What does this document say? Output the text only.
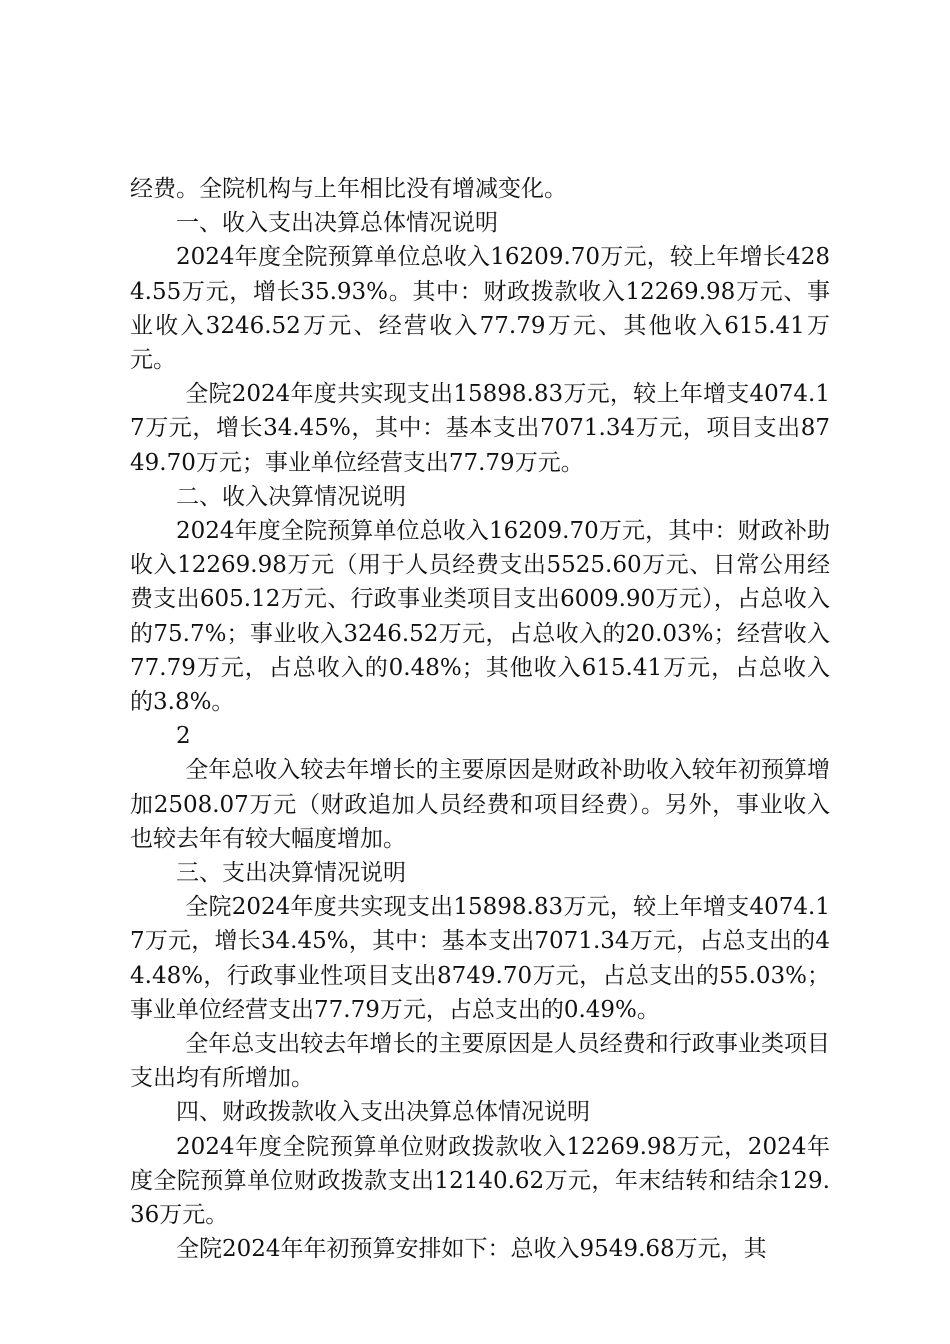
经费。全院机构与上年相比没有增减变化。

一、收入支出决算总体情况说明

2024年度全院预算单位总收入16209.70万元，较上年增长4284.55万元，增长35.93%。其中：财政拨款收入12269.98万元、事业收入3246.52万元、经营收入77.79万元、其他收入615.41万元。

全院2024年度共实现支出15898.83万元，较上年增支4074.17万元，增长34.45%，其中：基本支出7071.34万元，项目支出8749.70万元；事业单位经营支出77.79万元。

二、收入决算情况说明

2024年度全院预算单位总收入16209.70万元，其中：财政补助收入12269.98万元（用于人员经费支出5525.60万元、日常公用经费支出605.12万元、行政事业类项目支出6009.90万元），占总收入的75.7%；事业收入3246.52万元，占总收入的20.03%；经营收入77.79万元，占总收入的0.48%；其他收入615.41万元，占总收入的3.8%。

2

全年总收入较去年增长的主要原因是财政补助收入较年初预算增加2508.07万元（财政追加人员经费和项目经费）。另外，事业收入也较去年有较大幅度增加。

三、支出决算情况说明

全院2024年度共实现支出15898.83万元，较上年增支4074.17万元，增长34.45%，其中：基本支出7071.34万元，占总支出的44.48%，行政事业性项目支出8749.70万元，占总支出的55.03%；事业单位经营支出77.79万元，占总支出的0.49%。

全年总支出较去年增长的主要原因是人员经费和行政事业类项目支出均有所增加。

四、财政拨款收入支出决算总体情况说明

2024年度全院预算单位财政拨款收入12269.98万元，2024年度全院预算单位财政拨款支出12140.62万元，年末结转和结余129.36万元。

全院2024年年初预算安排如下：总收入9549.68万元，其
